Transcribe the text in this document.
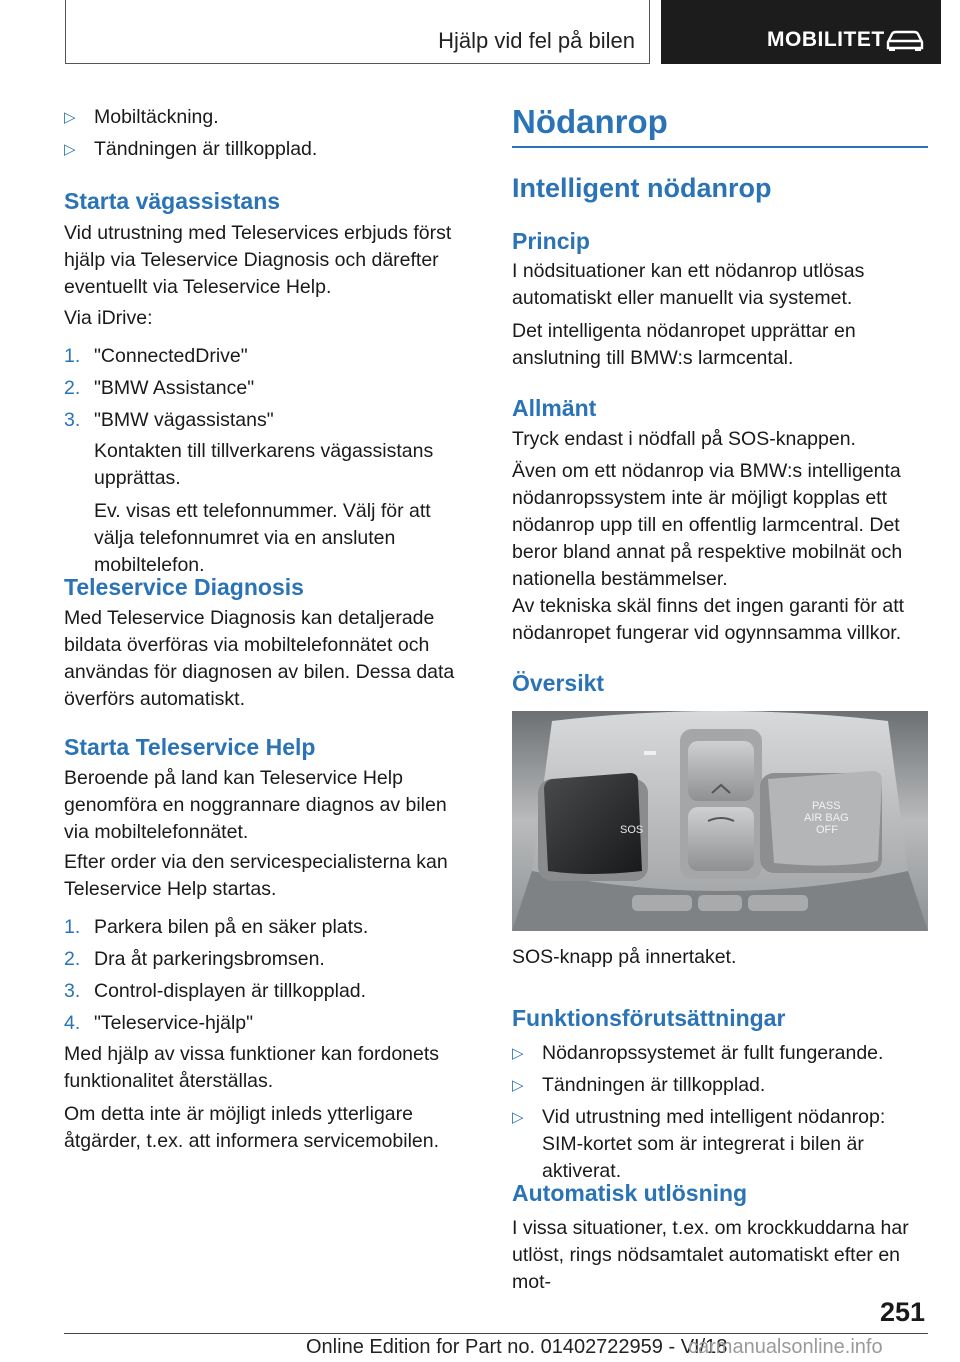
Hjälp vid fel på bilen	MOBILITET
▷ Mobiltäckning.
▷ Tändningen är tillkopplad.
Starta vägassistans
Vid utrustning med Teleservices erbjuds först hjälp via Teleservice Diagnosis och därefter eventuellt via Teleservice Help.
Via iDrive:
1. "ConnectedDrive"
2. "BMW Assistance"
3. "BMW vägassistans"
Kontakten till tillverkarens vägassistans upprättas.
Ev. visas ett telefonnummer. Välj för att välja telefonnumret via en ansluten mobiltelefon.
Teleservice Diagnosis
Med Teleservice Diagnosis kan detaljerade bildata överföras via mobiltelefonnätet och användas för diagnosen av bilen. Dessa data överförs automatiskt.
Starta Teleservice Help
Beroende på land kan Teleservice Help genomföra en noggrannare diagnos av bilen via mobiltelefonnätet.
Efter order via den servicespecialisterna kan Teleservice Help startas.
1. Parkera bilen på en säker plats.
2. Dra åt parkeringsbromsen.
3. Control-displayen är tillkopplad.
4. "Teleservice-hjälp"
Med hjälp av vissa funktioner kan fordonets funktionalitet återställas.
Om detta inte är möjligt inleds ytterligare åtgärder, t.ex. att informera servicemobilen.
Nödanrop
Intelligent nödanrop
Princip
I nödsituationer kan ett nödanrop utlösas automatiskt eller manuellt via systemet.
Det intelligenta nödanropet upprättar en anslutning till BMW:s larmcental.
Allmänt
Tryck endast i nödfall på SOS-knappen.
Även om ett nödanrop via BMW:s intelligenta nödanropssystem inte är möjligt kopplas ett nödanrop upp till en offentlig larmcentral. Det beror bland annat på respektive mobilnät och nationella bestämmelser.
Av tekniska skäl finns det ingen garanti för att nödanropet fungerar vid ogynnsamma villkor.
Översikt
SOS
PASS
AIR BAG
OFF
SOS-knapp på innertaket.
Funktionsförutsättningar
▷ Nödanropssystemet är fullt fungerande.
▷ Tändningen är tillkopplad.
▷ Vid utrustning med intelligent nödanrop: SIM-kortet som är integrerat i bilen är aktiverat.
Automatisk utlösning
I vissa situationer, t.ex. om krockkuddarna har utlöst, rings nödsamtalet automatiskt efter en mot-
251
Online Edition for Part no. 01402722959 - VI/18
carmanualsonline.info
